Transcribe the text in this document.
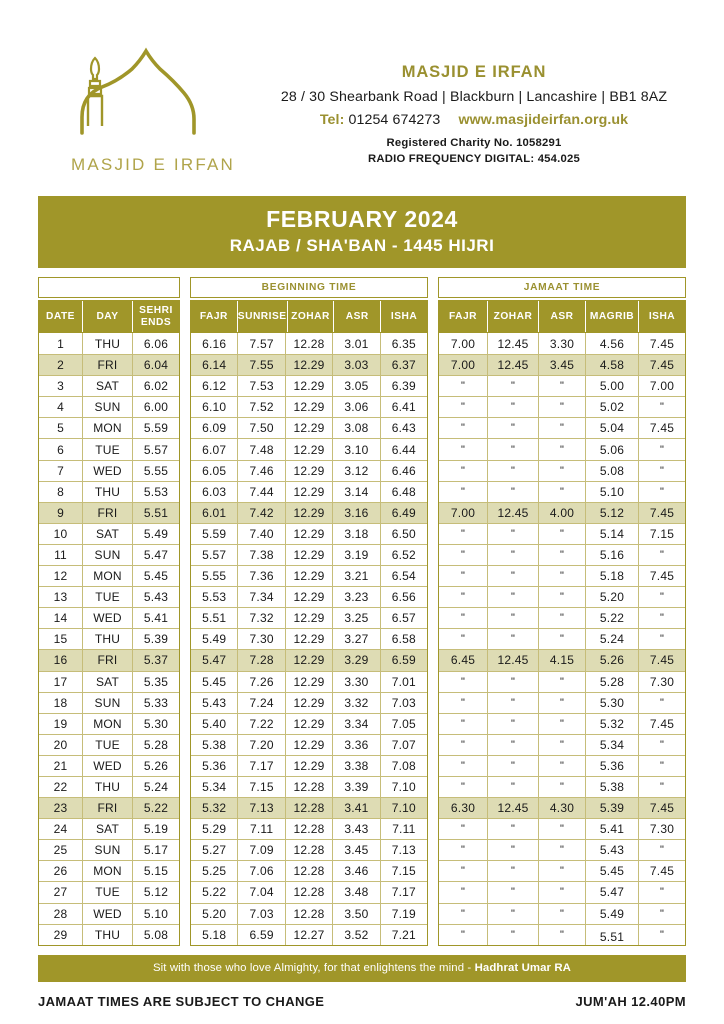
MASJID E IRFAN
MASJID E IRFAN
28 / 30 Shearbank Road | Blackburn | Lancashire | BB1 8AZ
Tel: 01254 674273 www.masjideirfan.org.uk
Registered Charity No. 1058291
RADIO FREQUENCY DIGITAL: 454.025
FEBRUARY 2024
RAJAB / SHA'BAN - 1445 HIJRI
DATE	DAY	SEHRI
ENDS
1	THU	6.06
2	FRI	6.04
3	SAT	6.02
4	SUN	6.00
5	MON	5.59
6	TUE	5.57
7	WED	5.55
8	THU	5.53
9	FRI	5.51
10	SAT	5.49
11	SUN	5.47
12	MON	5.45
13	TUE	5.43
14	WED	5.41
15	THU	5.39
16	FRI	5.37
17	SAT	5.35
18	SUN	5.33
19	MON	5.30
20	TUE	5.28
21	WED	5.26
22	THU	5.24
23	FRI	5.22
24	SAT	5.19
25	SUN	5.17
26	MON	5.15
27	TUE	5.12
28	WED	5.10
29	THU	5.08
BEGINNING TIME
FAJR SUNRISE ZOHAR	ASR	ISHA
6.16	7.57	12.28	3.01	6.35
6.14	7.55	12.29	3.03	6.37
6.12	7.53	12.29	3.05	6.39
6.10	7.52	12.29	3.06	6.41
6.09	7.50	12.29	3.08	6.43
6.07	7.48	12.29	3.10	6.44
6.05	7.46	12.29	3.12	6.46
6.03	7.44	12.29	3.14	6.48
6.01	7.42	12.29	3.16	6.49
5.59	7.40	12.29	3.18	6.50
5.57	7.38	12.29	3.19	6.52
5.55	7.36	12.29	3.21	6.54
5.53	7.34	12.29	3.23	6.56
5.51	7.32	12.29	3.25	6.57
5.49	7.30	12.29	3.27	6.58
5.47	7.28	12.29	3.29	6.59
5.45	7.26	12.29	3.30	7.01
5.43	7.24	12.29	3.32	7.03
5.40	7.22	12.29	3.34	7.05
5.38	7.20	12.29	3.36	7.07
5.36	7.17	12.29	3.38	7.08
5.34	7.15	12.28	3.39	7.10
5.32	7.13	12.28	3.41	7.10
5.29	7.11	12.28	3.43	7.11
5.27	7.09	12.28	3.45	7.13
5.25	7.06	12.28	3.46	7.15
5.22	7.04	12.28	3.48	7.17
5.20	7.03	12.28	3.50	7.19
5.18	6.59	12.27	3.52	7.21
JAMAAT TIME
FAJR	ZOHAR	ASR	MAGRIB	ISHA
7.00	12.45	3.30	4.56	7.45
7.00	12.45	3.45	4.58	7.45
"	"	"	5.00	7.00
"	"	"	5.02	"
"	"	"	5.04	7.45
"	"	"	5.06	"
"	"	"	5.08	"
"	"	"	5.10	"
7.00	12.45	4.00	5.12	7.45
"	"	"	5.14	7.15
"	"	"	5.16	"
"	"	"	5.18	7.45
"	"	"	5.20	"
"	"	"	5.22	"
"	"	"	5.24	"
6.45	12.45	4.15	5.26	7.45
"	"	"	5.28	7.30
"	"	"	5.30	"
"	"	"	5.32	7.45
"	"	"	5.34	"
"	"	"	5.36	"
"	"	"	5.38	"
6.30	12.45	4.30	5.39	7.45
"	"	"	5.41	7.30
"	"	"	5.43	"
"	"	"	5.45	7.45
"	"	"	5.47	"
"	"	"	5.49	"
"	"	"	5.51	"
Sit with those who love Almighty, for that enlightens the mind - Hadhrat Umar RA
JAMAAT TIMES ARE SUBJECT TO CHANGE	JUM'AH 12.40PM
